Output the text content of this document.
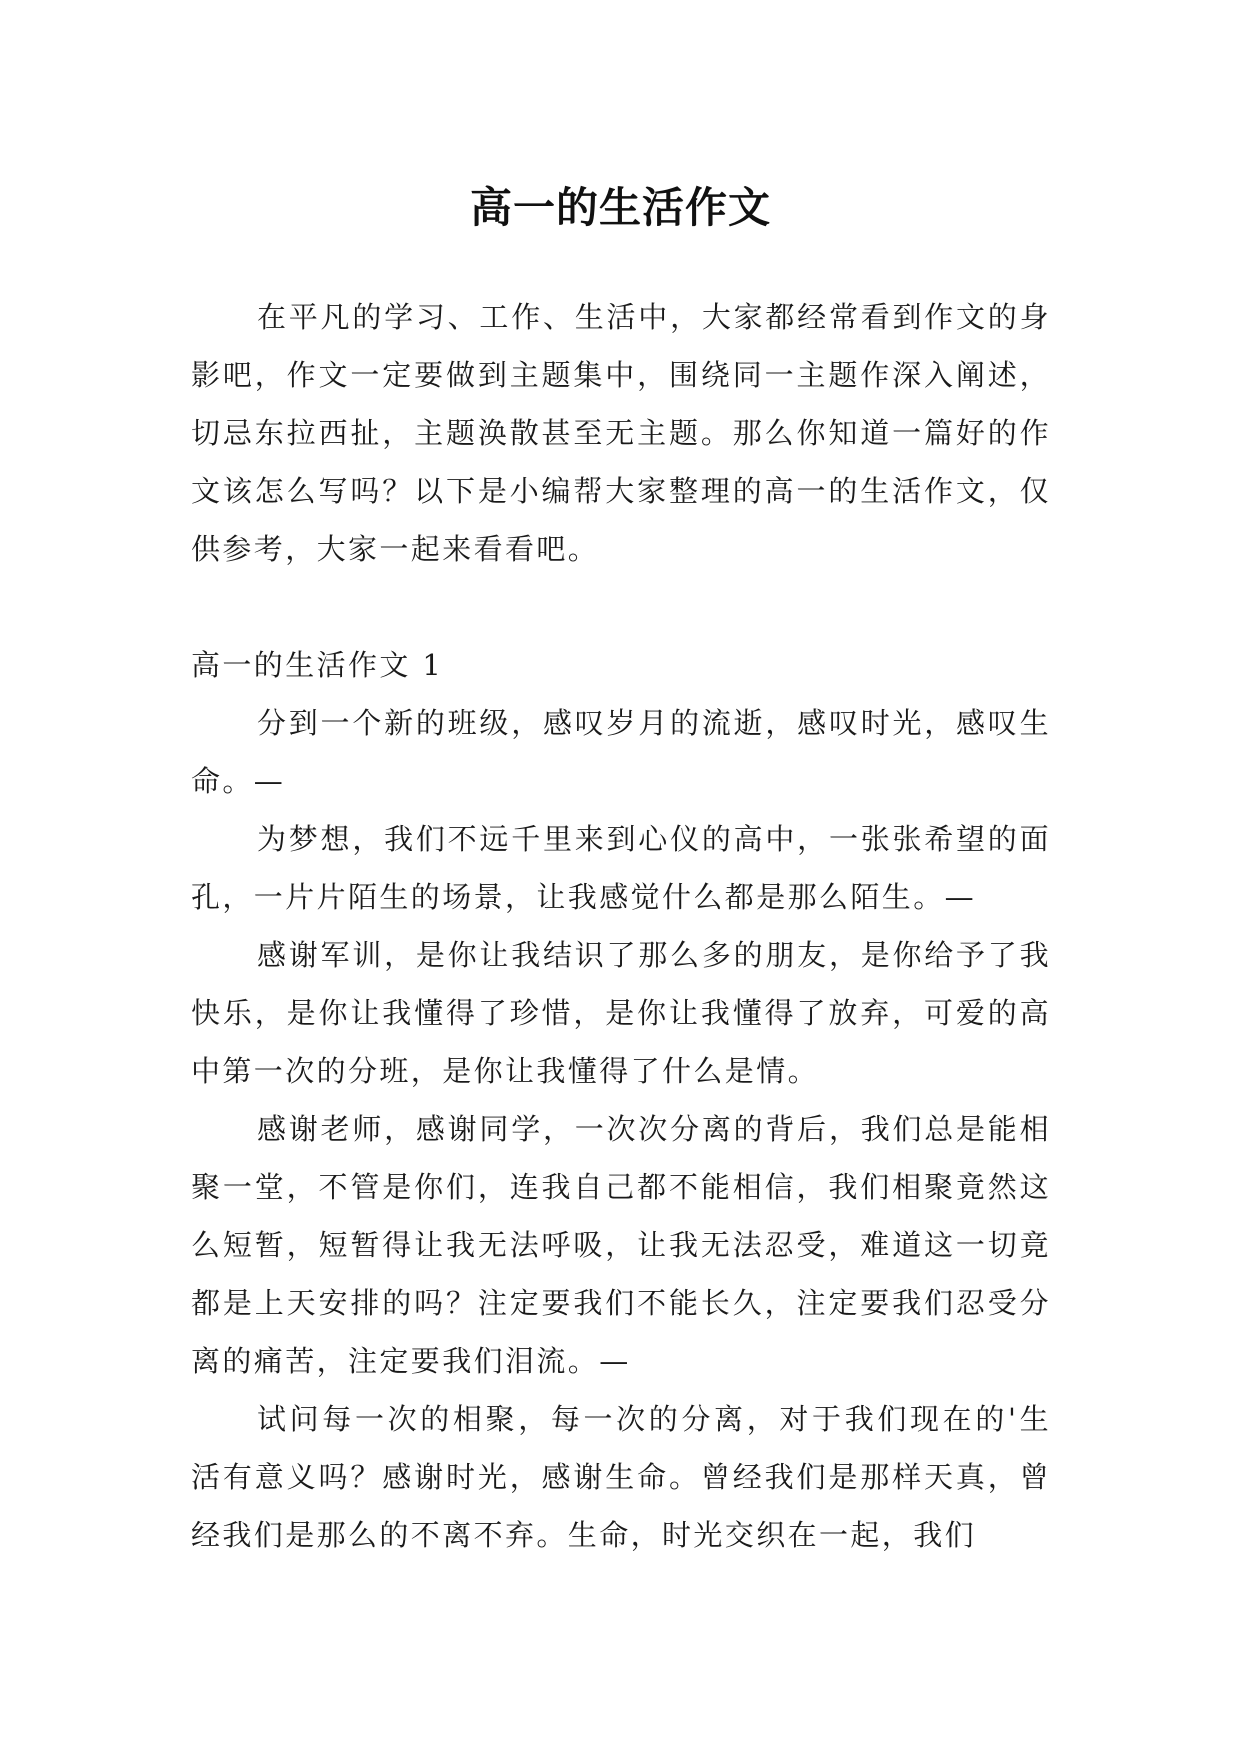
高一的生活作文

在平凡的学习、工作、生活中，大家都经常看到作文的身影吧，作文一定要做到主题集中，围绕同一主题作深入阐述，切忌东拉西扯，主题涣散甚至无主题。那么你知道一篇好的作文该怎么写吗？以下是小编帮大家整理的高一的生活作文，仅供参考，大家一起来看看吧。

高一的生活作文 1

分到一个新的班级，感叹岁月的流逝，感叹时光，感叹生命。—

为梦想，我们不远千里来到心仪的高中，一张张希望的面孔，一片片陌生的场景，让我感觉什么都是那么陌生。—

感谢军训，是你让我结识了那么多的朋友，是你给予了我快乐，是你让我懂得了珍惜，是你让我懂得了放弃，可爱的高中第一次的分班，是你让我懂得了什么是情。

感谢老师，感谢同学，一次次分离的背后，我们总是能相聚一堂，不管是你们，连我自己都不能相信，我们相聚竟然这么短暂，短暂得让我无法呼吸，让我无法忍受，难道这一切竟都是上天安排的吗？注定要我们不能长久，注定要我们忍受分离的痛苦，注定要我们泪流。—

试问每一次的相聚，每一次的分离，对于我们现在的'生活有意义吗？感谢时光，感谢生命。曾经我们是那样天真，曾经我们是那么的不离不弃。生命，时光交织在一起，我们
